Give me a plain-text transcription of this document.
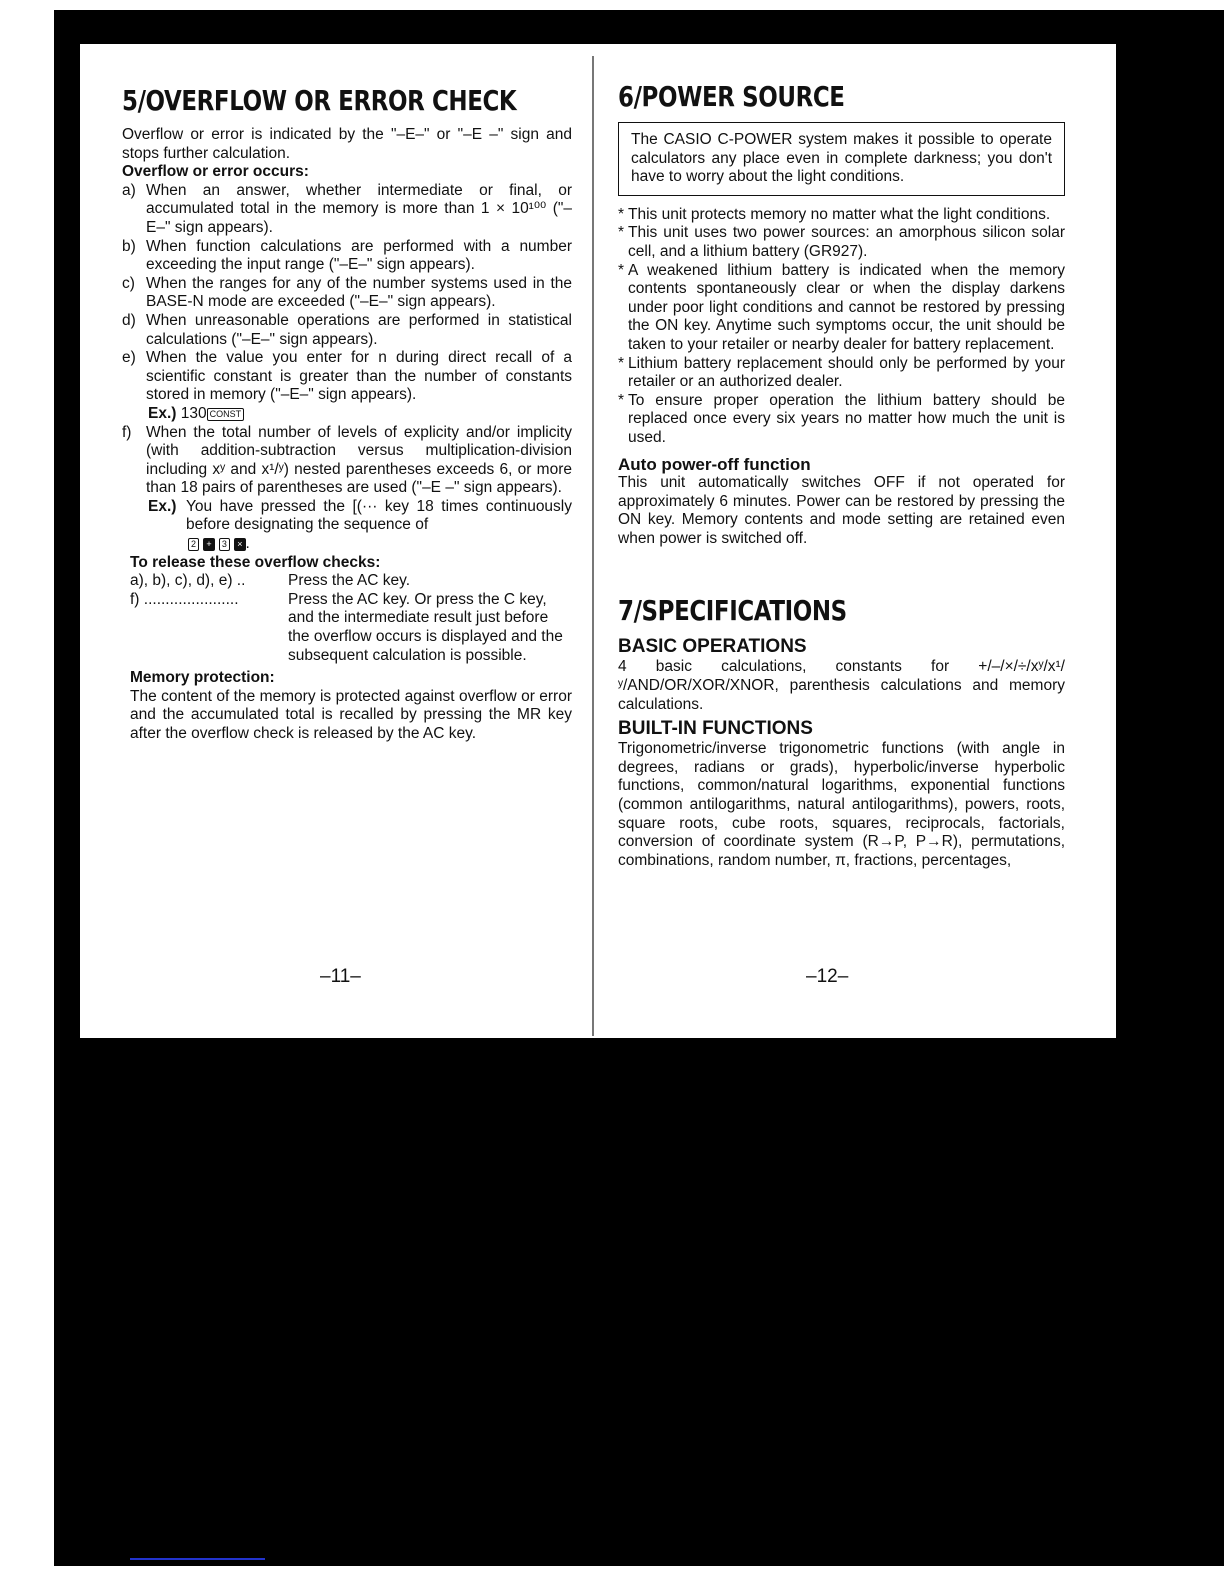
5/OVERFLOW OR ERROR CHECK

Overflow or error is indicated by the "–E–" or "–E –" sign and stops further calculation.

Overflow or error occurs:
a) When an answer, whether intermediate or final, or accumulated total in the memory is more than 1 × 10¹⁰⁰ ("–E–" sign appears).
b) When function calculations are performed with a number exceeding the input range ("–E–" sign appears).
c) When the ranges for any of the number systems used in the BASE-N mode are exceeded ("–E–" sign appears).
d) When unreasonable operations are performed in statistical calculations ("–E–" sign appears).
e) When the value you enter for n during direct recall of a scientific constant is greater than the number of constants stored in memory ("–E–" sign appears).
Ex.) 130 CONST
f) When the total number of levels of explicity and/or implicity (with addition-subtraction versus multiplication-division including xʸ and x¹/ʸ) nested parentheses exceeds 6, or more than 18 pairs of parentheses are used ("–E –" sign appears).
Ex.) You have pressed the [(··· key 18 times continuously before designating the sequence of
2 + 3 × .
To release these overflow checks:
a), b), c), d), e) ..	Press the AC key.
f) ......................	Press the AC key. Or press the C key, and the intermediate result just before the overflow occurs is displayed and the subsequent calculation is possible.
Memory protection:

The content of the memory is protected against overflow or error and the accumulated total is recalled by pressing the MR key after the overflow check is released by the AC key.

–11–
6/POWER SOURCE

The CASIO C-POWER system makes it possible to operate calculators any place even in complete darkness; you don't have to worry about the light conditions.

* This unit protects memory no matter what the light conditions.
* This unit uses two power sources: an amorphous silicon solar cell, and a lithium battery (GR927).
* A weakened lithium battery is indicated when the memory contents spontaneously clear or when the display darkens under poor light conditions and cannot be restored by pressing the ON key. Anytime such symptoms occur, the unit should be taken to your retailer or nearby dealer for battery replacement.
* Lithium battery replacement should only be performed by your retailer or an authorized dealer.
* To ensure proper operation the lithium battery should be replaced once every six years no matter how much the unit is used.
Auto power-off function

This unit automatically switches OFF if not operated for approximately 6 minutes. Power can be restored by pressing the ON key. Memory contents and mode setting are retained even when power is switched off.

7/SPECIFICATIONS
BASIC OPERATIONS

4 basic calculations, constants for +/–/×/÷/xʸ/x¹/ʸ/AND/OR/XOR/XNOR, parenthesis calculations and memory calculations.

BUILT-IN FUNCTIONS

Trigonometric/inverse trigonometric functions (with angle in degrees, radians or grads), hyperbolic/inverse hyperbolic functions, common/natural logarithms, exponential functions (common antilogarithms, natural antilogarithms), powers, roots, square roots, cube roots, squares, reciprocals, factorials, conversion of coordinate system (R→P, P→R), permutations, combinations, random number, π, fractions, percentages,

–12–
